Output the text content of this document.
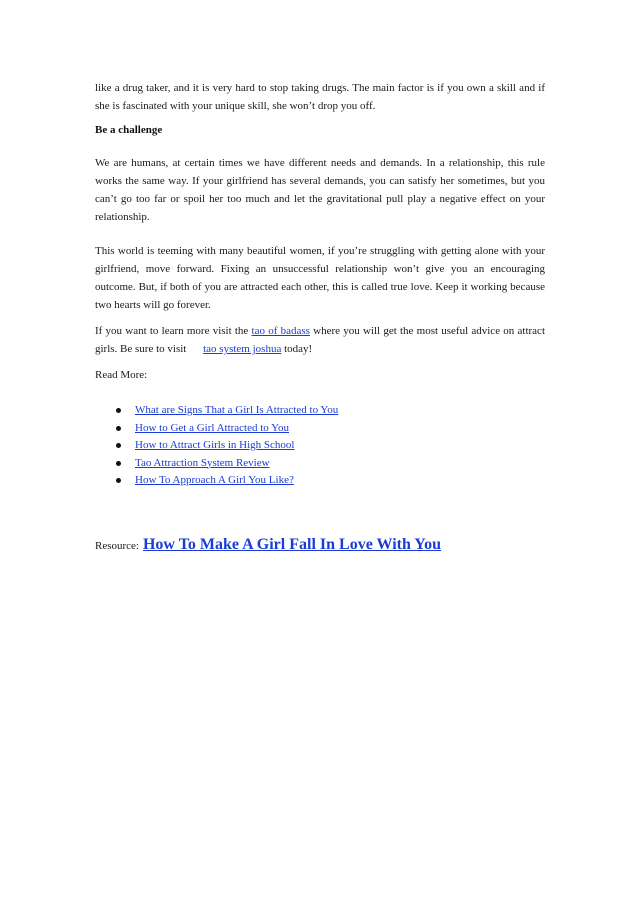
like a drug taker, and it is very hard to stop taking drugs. The main factor is if you own a skill and if she is fascinated with your unique skill, she won’t drop you off.
Be a challenge
We are humans, at certain times we have different needs and demands. In a relationship, this rule works the same way. If your girlfriend has several demands, you can satisfy her sometimes, but you can’t go too far or spoil her too much and let the gravitational pull play a negative effect on your relationship.
This world is teeming with many beautiful women, if you’re struggling with getting alone with your girlfriend, move forward. Fixing an unsuccessful relationship won’t give you an encouraging outcome. But, if both of you are attracted each other, this is called true love. Keep it working because two hearts will go forever.
If you want to learn more visit the tao of badass where you will get the most useful advice on attract girls. Be sure to visit tao system joshua today!
Read More:
What are Signs That a Girl Is Attracted to You
How to Get a Girl Attracted to You
How to Attract Girls in High School
Tao Attraction System Review
How To Approach A Girl You Like?
Resource: How To Make A Girl Fall In Love With You
